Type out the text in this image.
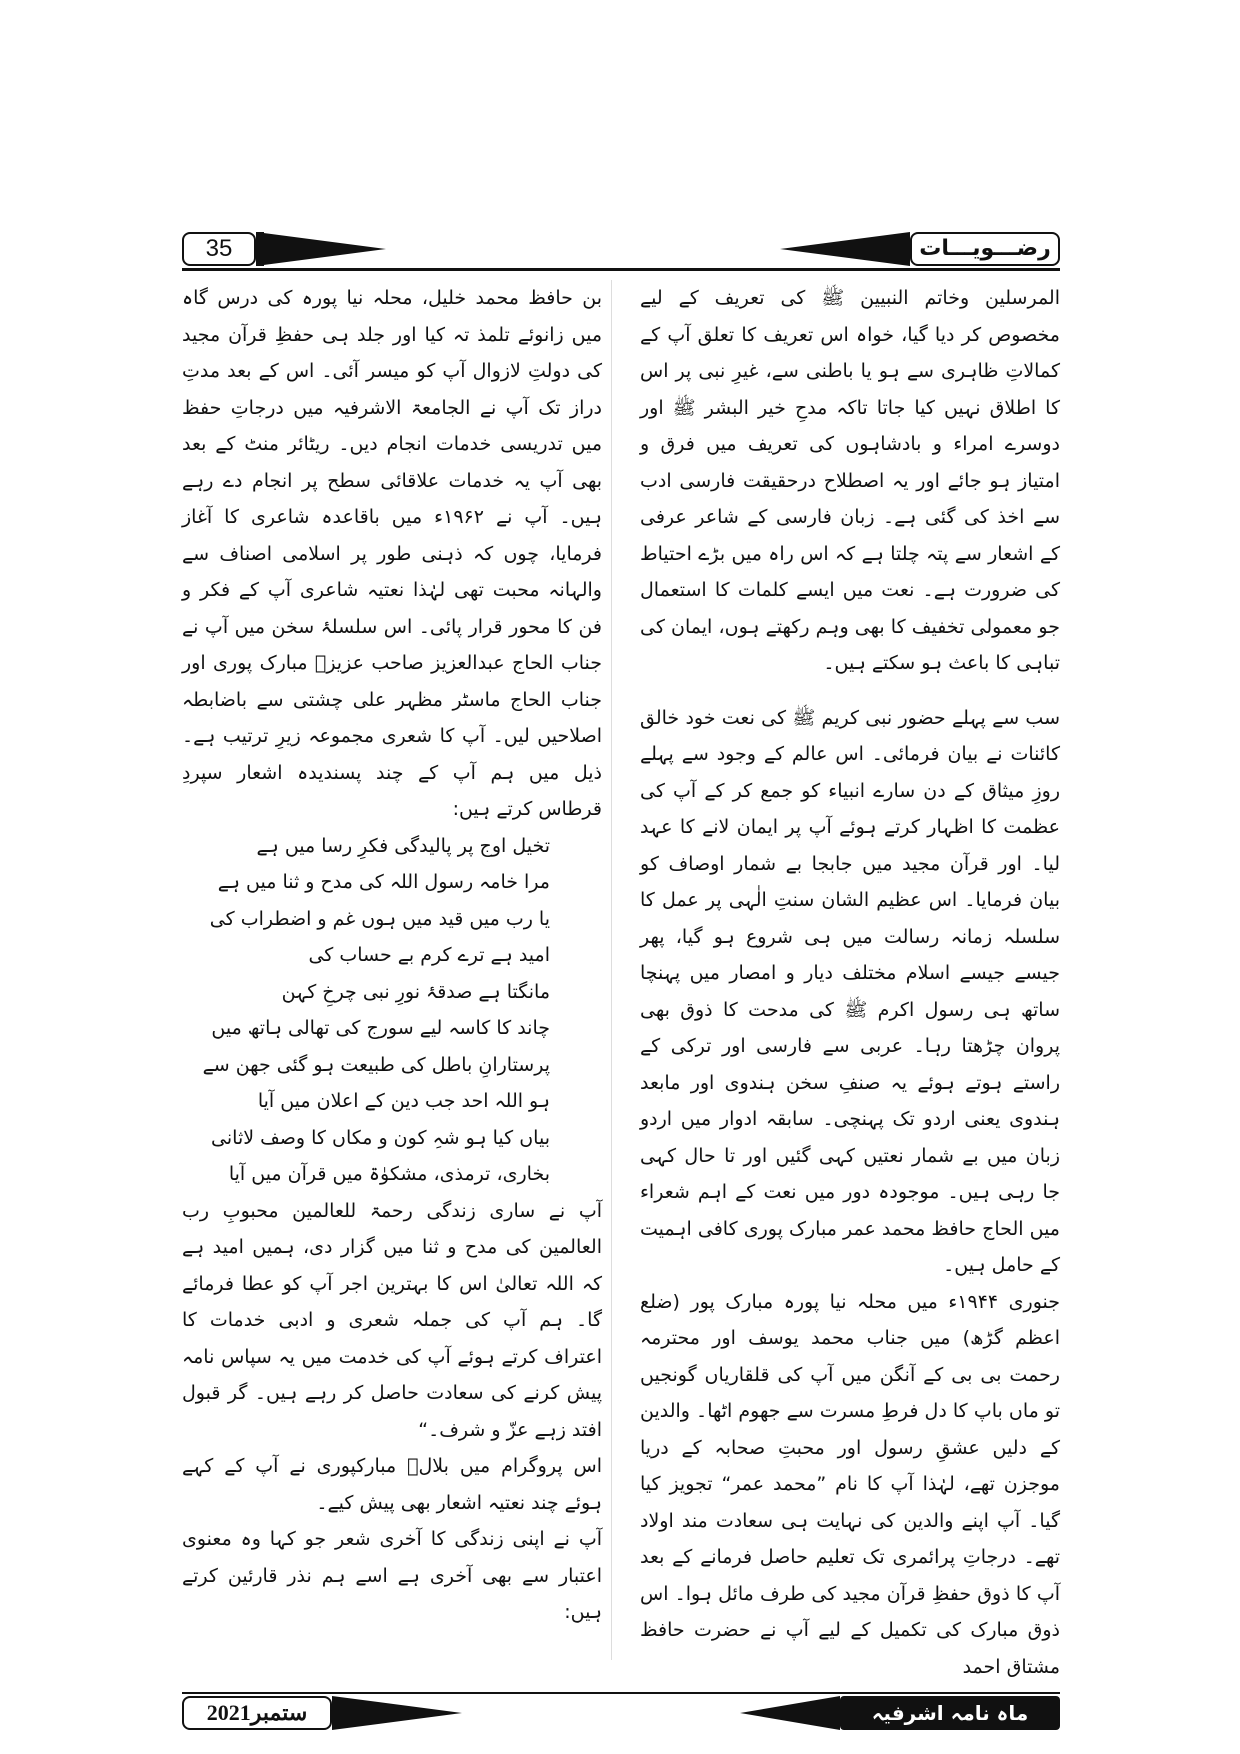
35	رضـــویـــات

المرسلین وخاتم النبیین ﷺ کی تعریف کے لیے مخصوص کر دیا گیا، خواہ اس تعریف کا تعلق آپ کے کمالاتِ ظاہری سے ہو یا باطنی سے، غیرِ نبی پر اس کا اطلاق نہیں کیا جاتا تاکہ مدحِ خیر البشر ﷺ اور دوسرے امراء و بادشاہوں کی تعریف میں فرق و امتیاز ہو جائے اور یہ اصطلاح درحقیقت فارسی ادب سے اخذ کی گئی ہے۔ زبان فارسی کے شاعر عرفی کے اشعار سے پتہ چلتا ہے کہ اس راہ میں بڑے احتیاط کی ضرورت ہے۔ نعت میں ایسے کلمات کا استعمال جو معمولی تخفیف کا بھی وہم رکھتے ہوں، ایمان کی تباہی کا باعث ہو سکتے ہیں۔

سب سے پہلے حضور نبی کریم ﷺ کی نعت خود خالق کائنات نے بیان فرمائی۔ اس عالم کے وجود سے پہلے روزِ میثاق کے دن سارے انبیاء کو جمع کر کے آپ کی عظمت کا اظہار کرتے ہوئے آپ پر ایمان لانے کا عہد لیا۔ اور قرآن مجید میں جابجا بے شمار اوصاف کو بیان فرمایا۔ اس عظیم الشان سنتِ الٰہی پر عمل کا سلسلہ زمانہ رسالت میں ہی شروع ہو گیا، پھر جیسے جیسے اسلام مختلف دیار و امصار میں پہنچا ساتھ ہی رسول اکرم ﷺ کی مدحت کا ذوق بھی پروان چڑھتا رہا۔ عربی سے فارسی اور ترکی کے راستے ہوتے ہوئے یہ صنفِ سخن ہندوی اور مابعد ہندوی یعنی اردو تک پہنچی۔ سابقہ ادوار میں اردو زبان میں بے شمار نعتیں کہی گئیں اور تا حال کہی جا رہی ہیں۔ موجودہ دور میں نعت کے اہم شعراء میں الحاج حافظ محمد عمر مبارک پوری کافی اہمیت کے حامل ہیں۔

جنوری ۱۹۴۴ء میں محلہ نیا پورہ مبارک پور (ضلع اعظم گڑھ) میں جناب محمد یوسف اور محترمہ رحمت بی بی کے آنگن میں آپ کی قلقاریاں گونجیں تو ماں باپ کا دل فرطِ مسرت سے جھوم اٹھا۔ والدین کے دلیں عشقِ رسول اور محبتِ صحابہ کے دریا موجزن تھے، لہٰذا آپ کا نام ”محمد عمر“ تجویز کیا گیا۔ آپ اپنے والدین کی نہایت ہی سعادت مند اولاد تھے۔ درجاتِ پرائمری تک تعلیم حاصل فرمانے کے بعد آپ کا ذوق حفظِ قرآن مجید کی طرف مائل ہوا۔ اس ذوق مبارک کی تکمیل کے لیے آپ نے حضرت حافظ مشتاق احمد

بن حافظ محمد خلیل، محلہ نیا پورہ کی درس گاہ میں زانوئے تلمذ تہ کیا اور جلد ہی حفظِ قرآن مجید کی دولتِ لازوال آپ کو میسر آئی۔ اس کے بعد مدتِ دراز تک آپ نے الجامعۃ الاشرفیہ میں درجاتِ حفظ میں تدریسی خدمات انجام دیں۔ ریٹائر منٹ کے بعد بھی آپ یہ خدمات علاقائی سطح پر انجام دے رہے ہیں۔ آپ نے ۱۹۶۲ء میں باقاعدہ شاعری کا آغاز فرمایا، چوں کہ ذہنی طور پر اسلامی اصناف سے والہانہ محبت تھی لہٰذا نعتیہ شاعری آپ کے فکر و فن کا محور قرار پائی۔ اس سلسلۂ سخن میں آپ نے جناب الحاج عبدالعزیز صاحب عزیزؔ مبارک پوری اور جناب الحاج ماسٹر مظہر علی چشتی سے باضابطہ اصلاحیں لیں۔ آپ کا شعری مجموعہ زیرِ ترتیب ہے۔ ذیل میں ہم آپ کے چند پسندیدہ اشعار سپردِ قرطاس کرتے ہیں:

تخیل اوج پر پالیدگی فکرِ رسا میں ہے

مرا خامہ رسول اللہ کی مدح و ثنا میں ہے

یا رب میں قید میں ہوں غم و اضطراب کی

امید ہے ترے کرم بے حساب کی

مانگتا ہے صدقۂ نورِ نبی چرخِ کہن

چاند کا کاسہ لیے سورج کی تھالی ہاتھ میں

پرستارانِ باطل کی طبیعت ہو گئی جھن سے

ہو اللہ احد جب دین کے اعلان میں آیا

بیاں کیا ہو شہِ کون و مکاں کا وصف لاثانی

بخاری، ترمذی، مشکوٰۃ میں قرآن میں آیا

آپ نے ساری زندگی رحمۃ للعالمین محبوبِ رب العالمین کی مدح و ثنا میں گزار دی، ہمیں امید ہے کہ اللہ تعالیٰ اس کا بہترین اجر آپ کو عطا فرمائے گا۔ ہم آپ کی جملہ شعری و ادبی خدمات کا اعتراف کرتے ہوئے آپ کی خدمت میں یہ سپاس نامہ پیش کرنے کی سعادت حاصل کر رہے ہیں۔ گر قبول افتد زہے عزّ و شرف۔“

اس پروگرام میں بلالؔ مبارکپوری نے آپ کے کہے ہوئے چند نعتیہ اشعار بھی پیش کیے۔

آپ نے اپنی زندگی کا آخری شعر جو کہا وہ معنوی اعتبار سے بھی آخری ہے اسے ہم نذر قارئین کرتے ہیں:

ستمبر2021	ماہ نامہ اشرفیہ
